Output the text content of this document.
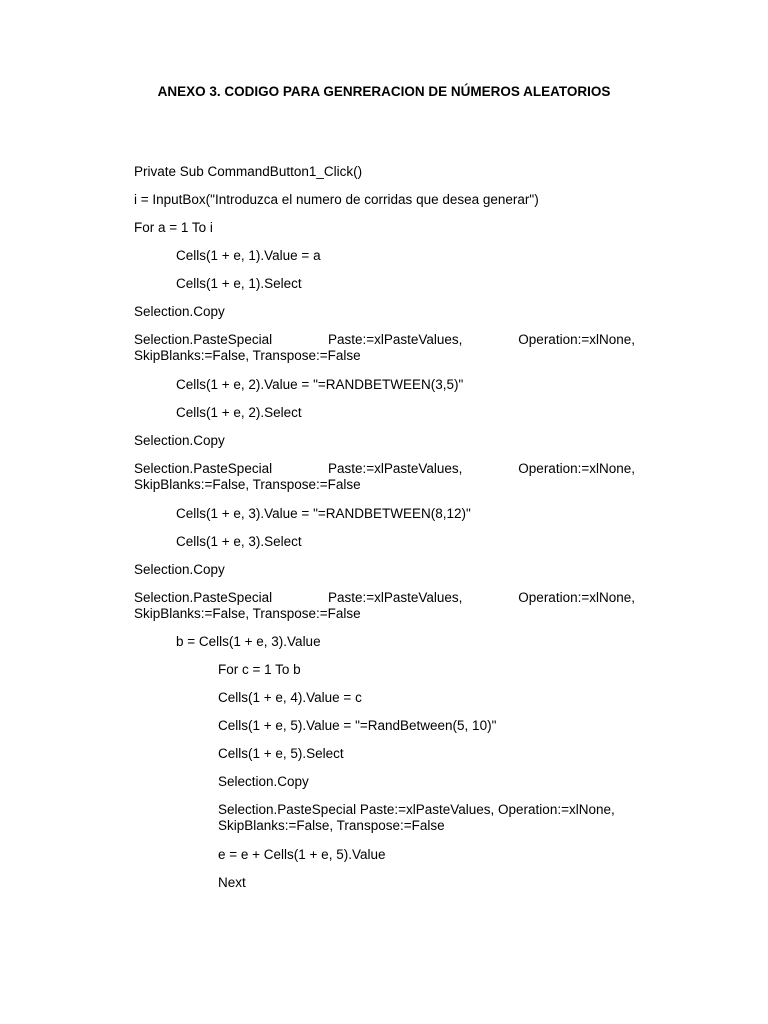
ANEXO 3. CODIGO PARA GENRERACION DE NÚMEROS ALEATORIOS
Private Sub CommandButton1_Click()
i = InputBox("Introduzca el numero de corridas que desea generar")
For a = 1 To i
Cells(1 + e, 1).Value = a
Cells(1 + e, 1).Select
Selection.Copy
Selection.PasteSpecial	Paste:=xlPasteValues,	Operation:=xlNone,
SkipBlanks:=False, Transpose:=False
Cells(1 + e, 2).Value = "=RANDBETWEEN(3,5)"
Cells(1 + e, 2).Select
Selection.Copy
Selection.PasteSpecial	Paste:=xlPasteValues,	Operation:=xlNone,
SkipBlanks:=False, Transpose:=False
Cells(1 + e, 3).Value = "=RANDBETWEEN(8,12)"
Cells(1 + e, 3).Select
Selection.Copy
Selection.PasteSpecial	Paste:=xlPasteValues,	Operation:=xlNone,
SkipBlanks:=False, Transpose:=False
b = Cells(1 + e, 3).Value
For c = 1 To b
Cells(1 + e, 4).Value = c
Cells(1 + e, 5).Value = "=RandBetween(5, 10)"
Cells(1 + e, 5).Select
Selection.Copy
Selection.PasteSpecial Paste:=xlPasteValues, Operation:=xlNone,
SkipBlanks:=False, Transpose:=False
e = e + Cells(1 + e, 5).Value
Next
